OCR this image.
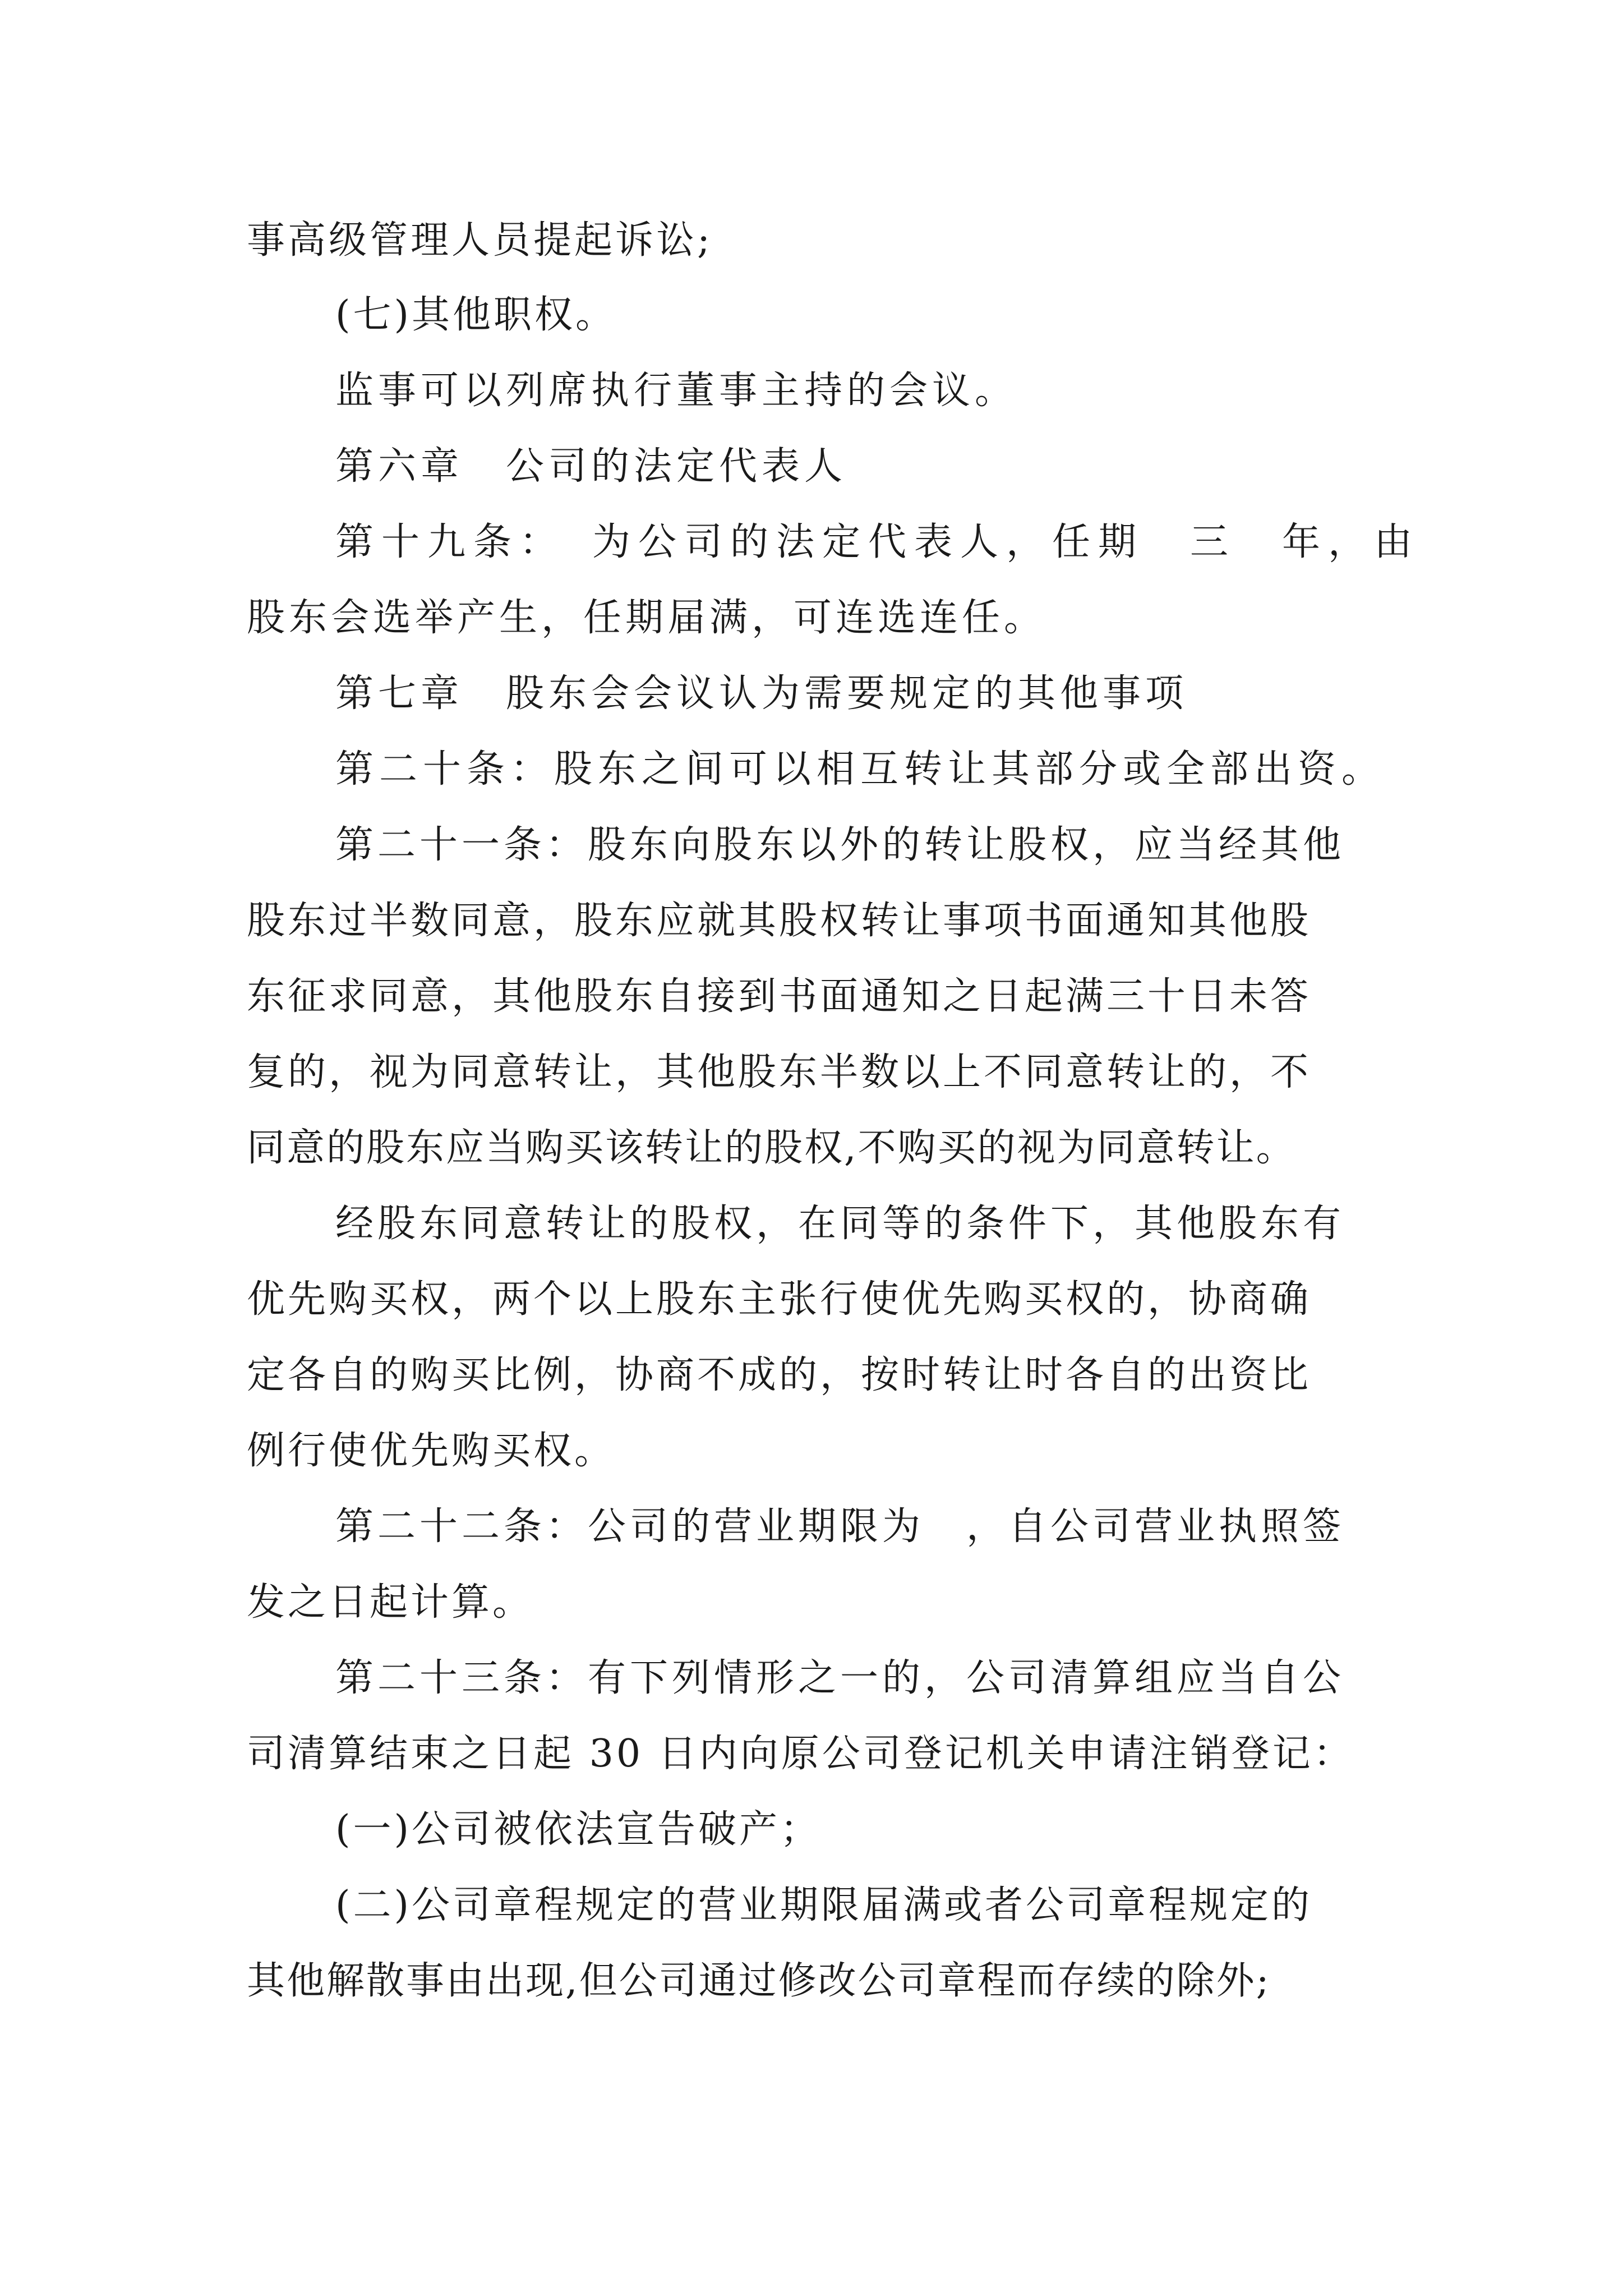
事高级管理人员提起诉讼;

(七)其他职权。

监事可以列席执行董事主持的会议。

第六章　公司的法定代表人

第十九条：　为公司的法定代表人，任期　三　年，由

股东会选举产生，任期届满，可连选连任。

第七章　股东会会议认为需要规定的其他事项

第二十条：股东之间可以相互转让其部分或全部出资。

第二十一条：股东向股东以外的转让股权，应当经其他

股东过半数同意，股东应就其股权转让事项书面通知其他股

东征求同意，其他股东自接到书面通知之日起满三十日未答

复的，视为同意转让，其他股东半数以上不同意转让的，不

同意的股东应当购买该转让的股权,不购买的视为同意转让。

经股东同意转让的股权，在同等的条件下，其他股东有

优先购买权，两个以上股东主张行使优先购买权的，协商确

定各自的购买比例，协商不成的，按时转让时各自的出资比

例行使优先购买权。

第二十二条：公司的营业期限为　，自公司营业执照签

发之日起计算。

第二十三条：有下列情形之一的，公司清算组应当自公

司清算结束之日起 30 日内向原公司登记机关申请注销登记：

(一)公司被依法宣告破产；

(二)公司章程规定的营业期限届满或者公司章程规定的

其他解散事由出现,但公司通过修改公司章程而存续的除外;
